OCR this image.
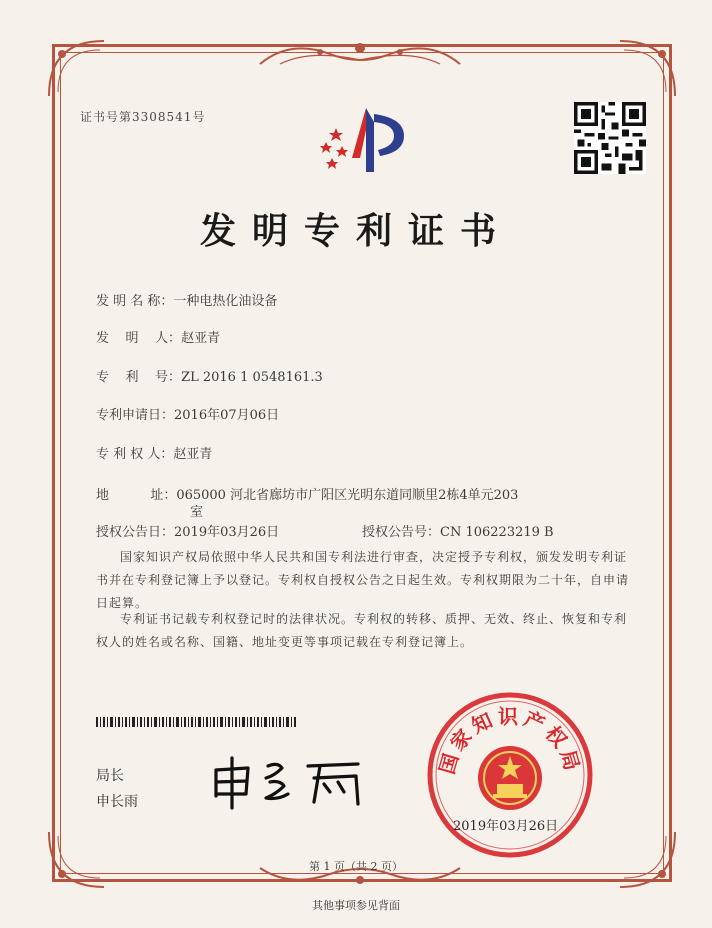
证书号第3308541号
发明专利证书
发 明 名 称：一种电热化油设备
发    明    人：赵亚青
专    利    号：ZL 2016 1 0548161.3
专利申请日：2016年07月06日
专 利 权 人：赵亚青
地          址：065000 河北省廊坊市广阳区光明东道同顺里2栋4单元203
室
授权公告日：2019年03月26日	授权公告号：CN 106223219 B
国家知识产权局依照中华人民共和国专利法进行审查，决定授予专利权，颁发发明专利证书并在专利登记簿上予以登记。专利权自授权公告之日起生效。专利权期限为二十年，自申请日起算。
专利证书记载专利权登记时的法律状况。专利权的转移、质押、无效、终止、恢复和专利权人的姓名或名称、国籍、地址变更等事项记载在专利登记簿上。
局长
申长雨
国家知识产权局
2019年03月26日
第 1 页（共 2 页）
其他事项参见背面
